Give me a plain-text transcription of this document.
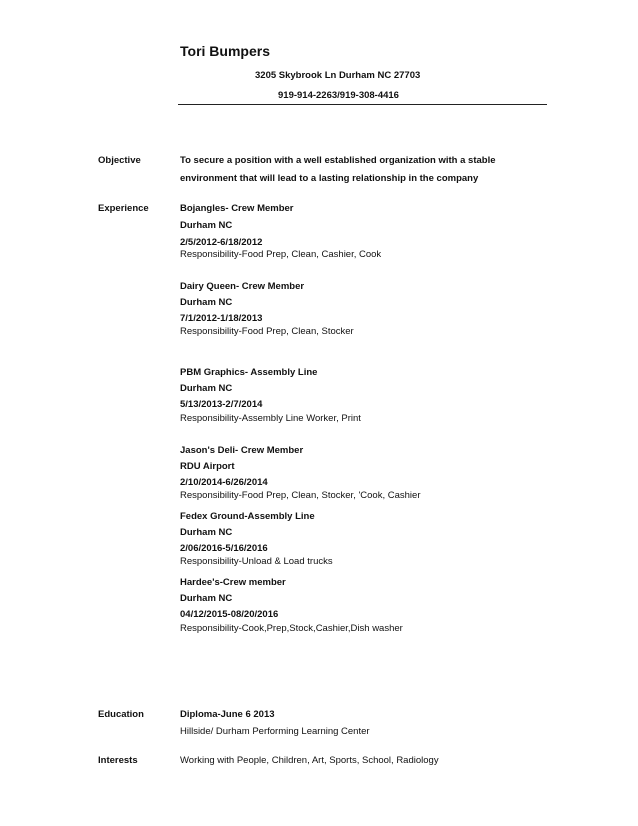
Tori Bumpers
3205 Skybrook Ln Durham NC 27703
919-914-2263/919-308-4416
Objective	To secure a position with a well established organization with a stable
environment that will lead to a lasting relationship in the company
Experience	Bojangles- Crew Member
Durham NC
2/5/2012-6/18/2012
Responsibility-Food Prep, Clean, Cashier, Cook
Dairy Queen- Crew Member
Durham NC
7/1/2012-1/18/2013
Responsibility-Food Prep, Clean, Stocker
PBM Graphics- Assembly Line
Durham NC
5/13/2013-2/7/2014
Responsibility-Assembly Line Worker, Print
Jason's Deli- Crew Member
RDU Airport
2/10/2014-6/26/2014
Responsibility-Food Prep, Clean, Stocker, 'Cook, Cashier
Fedex Ground-Assembly Line
Durham NC
2/06/2016-5/16/2016
Responsibility-Unload & Load trucks
Hardee's-Crew member
Durham NC
04/12/2015-08/20/2016
Responsibility-Cook,Prep,Stock,Cashier,Dish washer
Education	Diploma-June 6 2013
Hillside/ Durham Performing Learning Center
Interests	Working with People, Children, Art, Sports, School, Radiology
